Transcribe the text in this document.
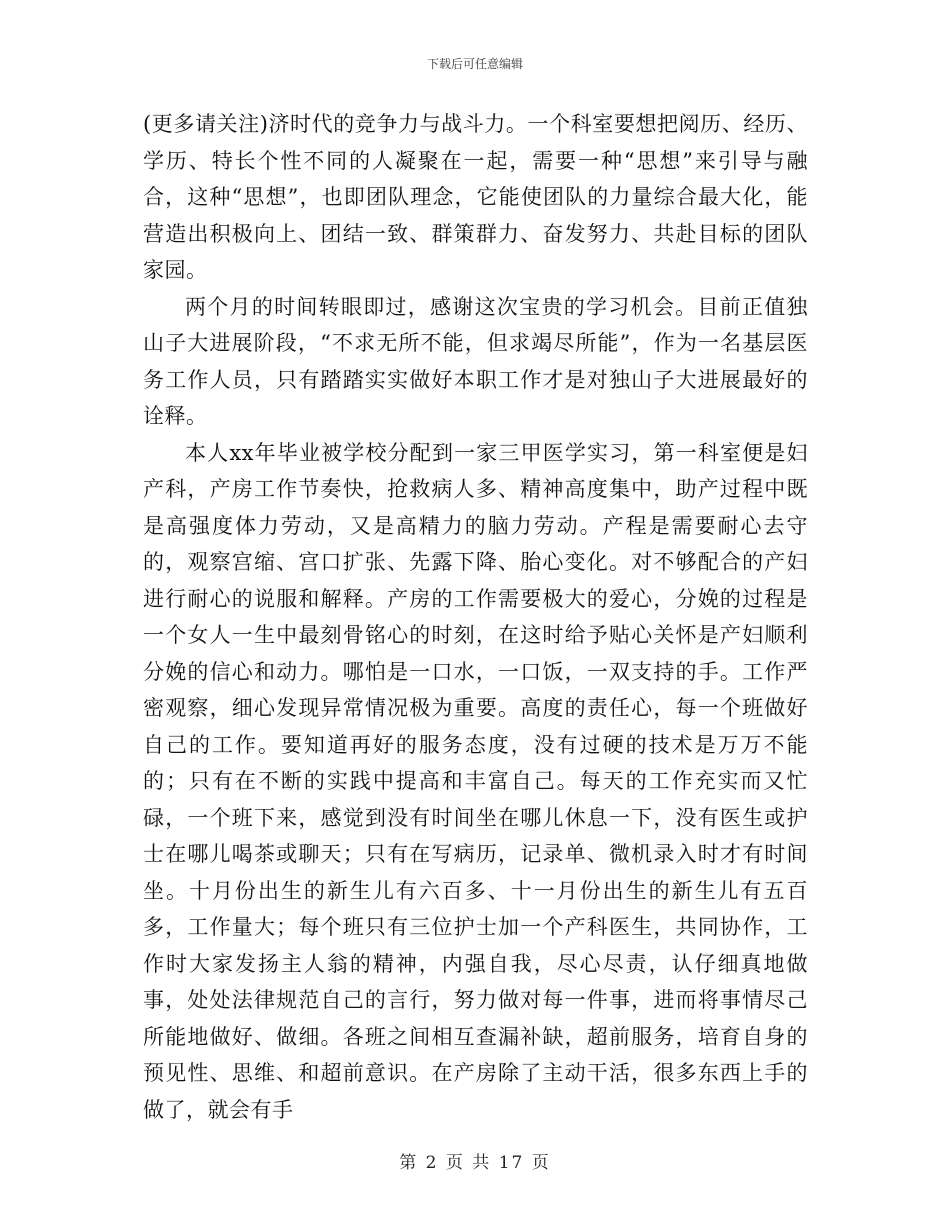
下载后可任意编辑

(更多请关注)济时代的竞争力与战斗力。一个科室要想把阅历、经历、学历、特长个性不同的人凝聚在一起，需要一种“思想”来引导与融合，这种“思想”，也即团队理念，它能使团队的力量综合最大化，能营造出积极向上、团结一致、群策群力、奋发努力、共赴目标的团队家园。

两个月的时间转眼即过，感谢这次宝贵的学习机会。目前正值独山子大进展阶段，“不求无所不能，但求竭尽所能”，作为一名基层医务工作人员，只有踏踏实实做好本职工作才是对独山子大进展最好的诠释。

本人xx年毕业被学校分配到一家三甲医学实习，第一科室便是妇产科，产房工作节奏快，抢救病人多、精神高度集中，助产过程中既是高强度体力劳动，又是高精力的脑力劳动。产程是需要耐心去守的，观察宫缩、宫口扩张、先露下降、胎心变化。对不够配合的产妇进行耐心的说服和解释。产房的工作需要极大的爱心，分娩的过程是一个女人一生中最刻骨铭心的时刻，在这时给予贴心关怀是产妇顺利分娩的信心和动力。哪怕是一口水，一口饭，一双支持的手。工作严密观察，细心发现异常情况极为重要。高度的责任心，每一个班做好自己的工作。要知道再好的服务态度，没有过硬的技术是万万不能的；只有在不断的实践中提高和丰富自己。每天的工作充实而又忙碌，一个班下来，感觉到没有时间坐在哪儿休息一下，没有医生或护士在哪儿喝茶或聊天；只有在写病历，记录单、微机录入时才有时间坐。十月份出生的新生儿有六百多、十一月份出生的新生儿有五百多，工作量大；每个班只有三位护士加一个产科医生，共同协作，工作时大家发扬主人翁的精神，内强自我，尽心尽责，认仔细真地做事，处处法律规范自己的言行，努力做对每一件事，进而将事情尽己所能地做好、做细。各班之间相互查漏补缺，超前服务，培育自身的预见性、思维、和超前意识。在产房除了主动干活，很多东西上手的做了，就会有手

第 2 页 共 17 页
